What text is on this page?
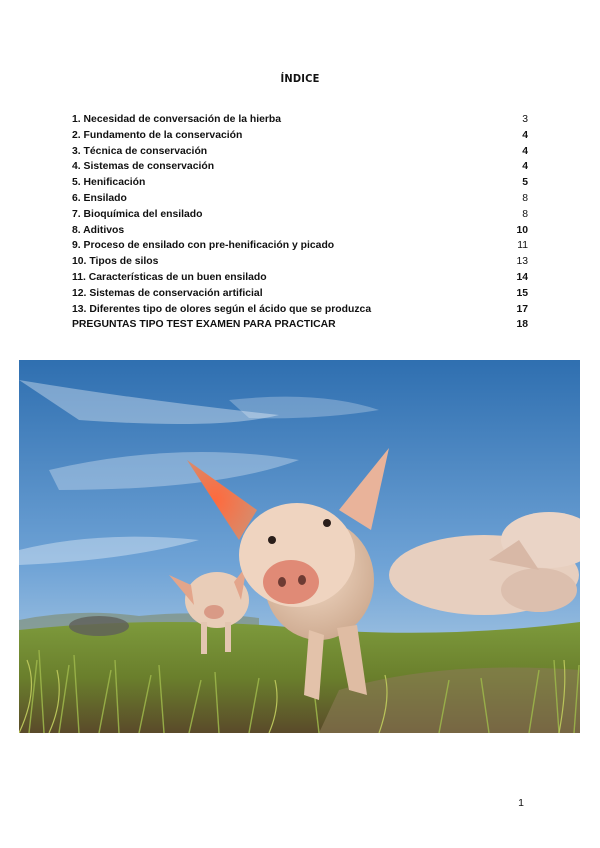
ÍNDICE
1. Necesidad de conversación de la hierba	3
2. Fundamento de la conservación	4
3. Técnica de conservación	4
4. Sistemas de conservación	4
5. Henificación	5
6. Ensilado	8
7. Bioquímica del ensilado	8
8. Aditivos	10
9. Proceso de ensilado con pre-henificación y picado	11
10. Tipos de silos	13
11. Características de un buen ensilado	14
12. Sistemas de conservación artificial	15
13. Diferentes tipo de olores según el ácido que se produzca	17
PREGUNTAS TIPO TEST EXAMEN PARA PRACTICAR	18
1
